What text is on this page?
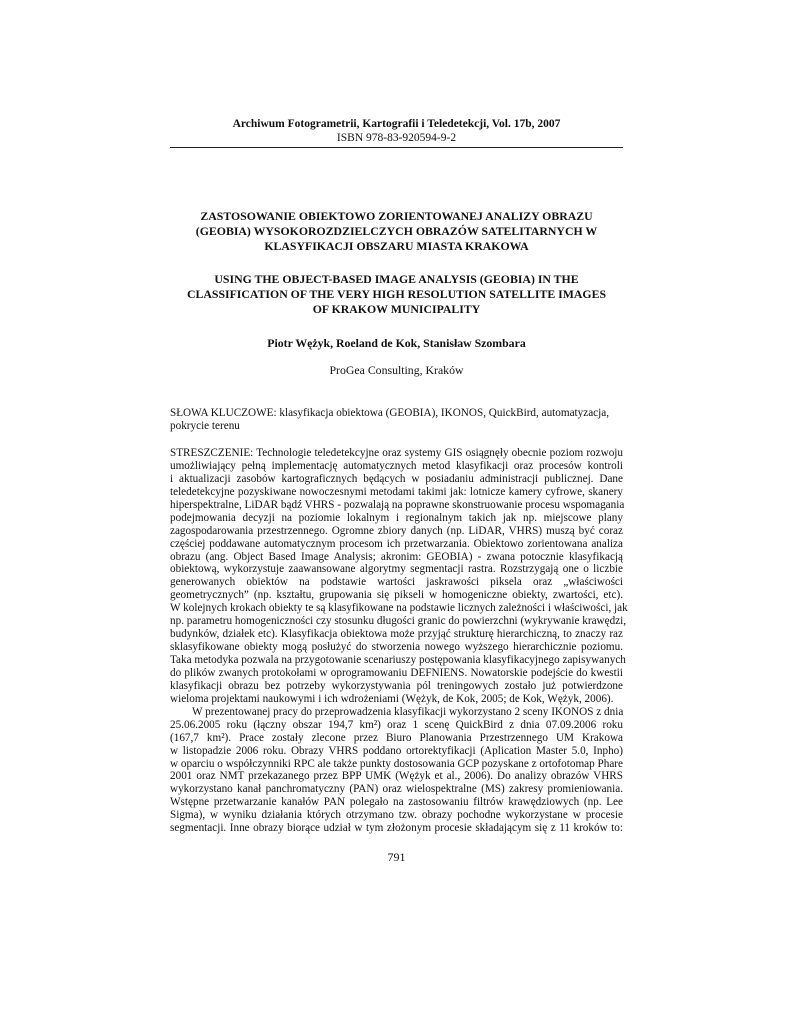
Archiwum Fotogrametrii, Kartografii i Teledetekcji, Vol. 17b, 2007
ISBN 978-83-920594-9-2
ZASTOSOWANIE OBIEKTOWO ZORIENTOWANEJ ANALIZY OBRAZU
(GEOBIA) WYSOKOROZDZIELCZYCH OBRAZÓW SATELITARNYCH W
KLASYFIKACJI OBSZARU MIASTA KRAKOWA
USING THE OBJECT-BASED IMAGE ANALYSIS (GEOBIA) IN THE
CLASSIFICATION OF THE VERY HIGH RESOLUTION SATELLITE IMAGES
OF KRAKOW MUNICIPALITY
Piotr Wężyk, Roeland de Kok, Stanisław Szombara
ProGea Consulting, Kraków
SŁOWA KLUCZOWE: klasyfikacja obiektowa (GEOBIA), IKONOS, QuickBird, automatyzacja,
pokrycie terenu
STRESZCZENIE: Technologie teledetekcyjne oraz systemy GIS osiągnęły obecnie poziom rozwoju
umożliwiający pełną implementację automatycznych metod klasyfikacji oraz procesów kontroli
i aktualizacji zasobów kartograficznych będących w posiadaniu administracji publicznej. Dane
teledetekcyjne pozyskiwane nowoczesnymi metodami takimi jak: lotnicze kamery cyfrowe, skanery
hiperspektralne, LiDAR bądź VHRS - pozwalają na poprawne skonstruowanie procesu wspomagania
podejmowania decyzji na poziomie lokalnym i regionalnym takich jak np. miejscowe plany
zagospodarowania przestrzennego. Ogromne zbiory danych (np. LiDAR, VHRS) muszą być coraz
częściej poddawane automatycznym procesom ich przetwarzania. Obiektowo zorientowana analiza
obrazu (ang. Object Based Image Analysis; akronim: GEOBIA) - zwana potocznie klasyfikacją
obiektową, wykorzystuje zaawansowane algorytmy segmentacji rastra. Rozstrzygają one o liczbie
generowanych obiektów na podstawie wartości jaskrawości piksela oraz „właściwości
geometrycznych” (np. kształtu, grupowania się pikseli w homogeniczne obiekty, zwartości, etc).
W kolejnych krokach obiekty te są klasyfikowane na podstawie licznych zależności i właściwości, jak
np. parametru homogeniczności czy stosunku długości granic do powierzchni (wykrywanie krawędzi,
budynków, działek etc). Klasyfikacja obiektowa może przyjąć strukturę hierarchiczną, to znaczy raz
sklasyfikowane obiekty mogą posłużyć do stworzenia nowego wyższego hierarchicznie poziomu.
Taka metodyka pozwala na przygotowanie scenariuszy postępowania klasyfikacyjnego zapisywanych
do plików zwanych protokołami w oprogramowaniu DEFNIENS. Nowatorskie podejście do kwestii
klasyfikacji obrazu bez potrzeby wykorzystywania pól treningowych zostało już potwierdzone
wieloma projektami naukowymi i ich wdrożeniami (Wężyk, de Kok, 2005; de Kok, Wężyk, 2006).
W prezentowanej pracy do przeprowadzenia klasyfikacji wykorzystano 2 sceny IKONOS z dnia
25.06.2005 roku (łączny obszar 194,7 km²) oraz 1 scenę QuickBird z dnia 07.09.2006 roku
(167,7 km²). Prace zostały zlecone przez Biuro Planowania Przestrzennego UM Krakowa
w listopadzie 2006 roku. Obrazy VHRS poddano ortorektyfikacji (Aplication Master 5.0, Inpho)
w oparciu o współczynniki RPC ale także punkty dostosowania GCP pozyskane z ortofotomap Phare
2001 oraz NMT przekazanego przez BPP UMK (Wężyk et al., 2006). Do analizy obrazów VHRS
wykorzystano kanał panchromatyczny (PAN) oraz wielospektralne (MS) zakresy promieniowania.
Wstępne przetwarzanie kanałów PAN polegało na zastosowaniu filtrów krawędziowych (np. Lee
Sigma), w wyniku działania których otrzymano tzw. obrazy pochodne wykorzystane w procesie
segmentacji. Inne obrazy biorące udział w tym złożonym procesie składającym się z 11 kroków to:
791
